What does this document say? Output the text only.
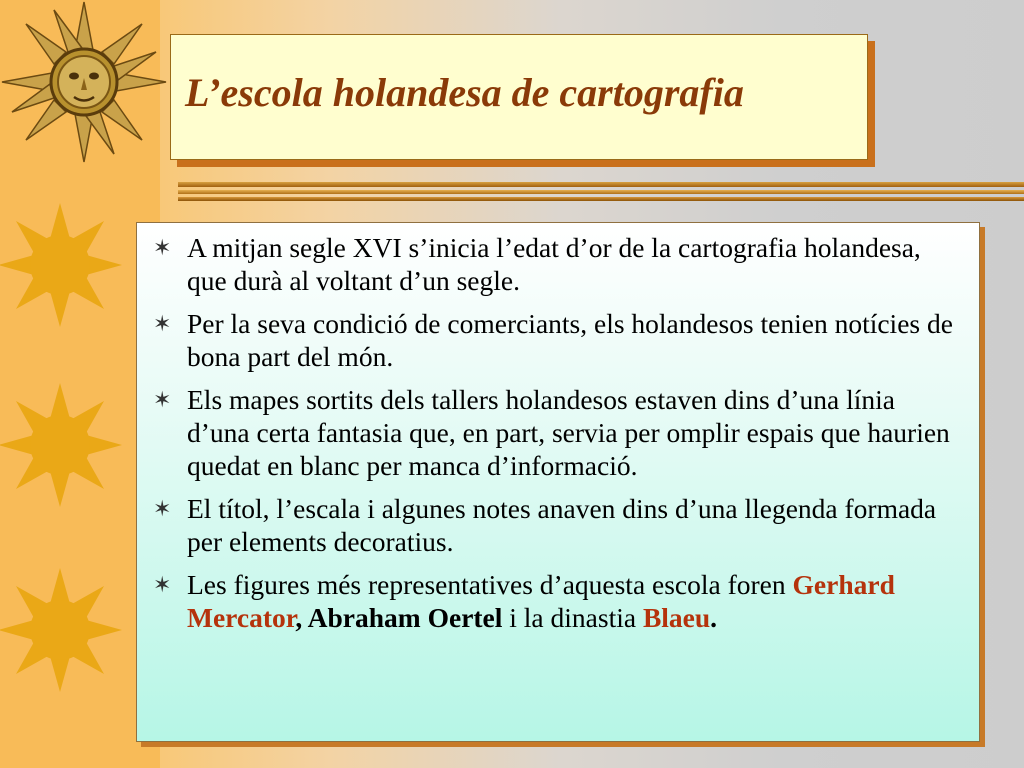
L’escola holandesa de cartografia
✶ A mitjan segle XVI s’inicia l’edat d’or de la cartografia holandesa, que durà al voltant d’un segle.
✶ Per la seva condició de comerciants, els holandesos tenien notícies de bona part del món.
✶ Els mapes sortits dels tallers holandesos estaven dins d’una línia d’una certa fantasia que, en part, servia per omplir espais que haurien quedat en blanc per manca d’informació.
✶ El títol, l’escala i algunes notes anaven dins d’una llegenda formada per elements decoratius.
✶ Les figures més representatives d’aquesta escola foren Gerhard Mercator, Abraham Oertel i la dinastia Blaeu.
